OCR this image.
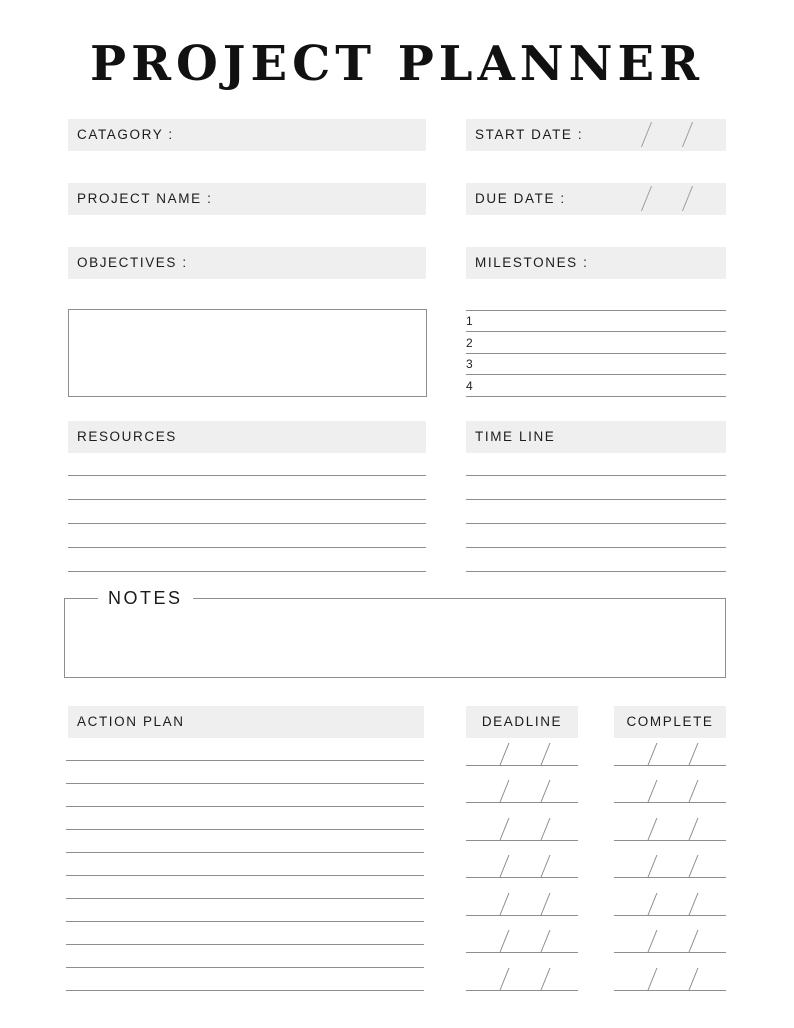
PROJECT PLANNER
CATAGORY :
PROJECT NAME :
OBJECTIVES :
START DATE :
DUE DATE :
MILESTONES :
1
2
3
4
RESOURCES	TIME LINE
NOTES
ACTION PLAN	DEADLINE	COMPLETE
